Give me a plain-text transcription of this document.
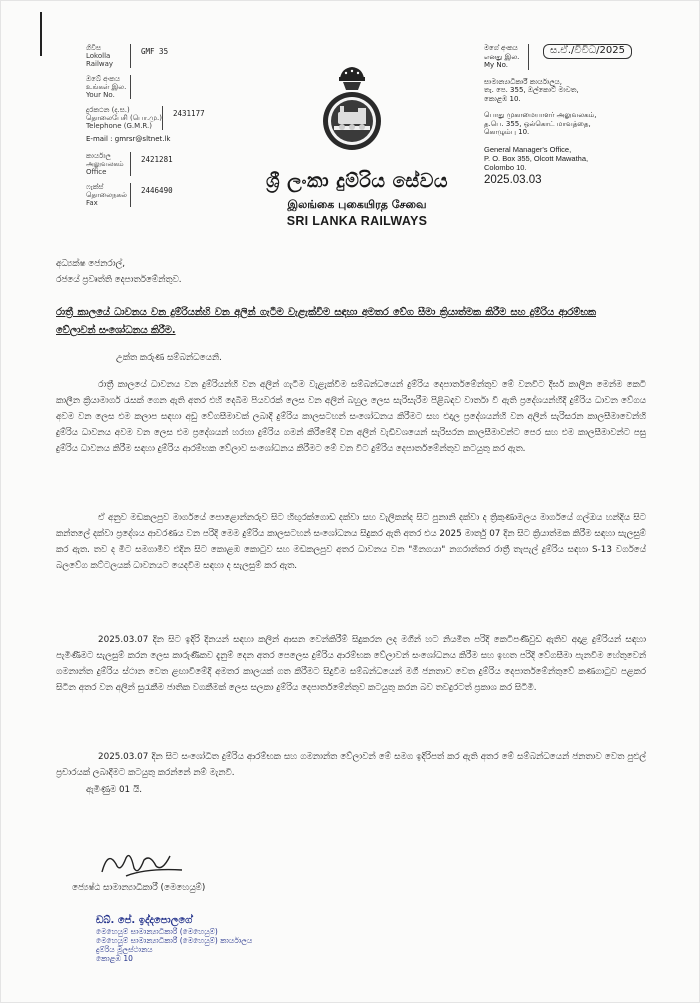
ගිවිස
Lokolla
Railway
GMF 35
ඔබේ අංකය
உங்கள் இல.
Your No.
දුරකථන (ද.ස.)
தொலைபேசி (பொ.மு.)
Telephone (G.M.R.)
2431177
E-mail : gmrsr@sltnet.lk
කාර්යාල
அலுவலகம்
Office
2421281
ෆැක්ස්
தொலைநகல்
Fax
2446490	ශ්‍රී ලංකා දුම්රිය සේවය
இலங்கை புகையிரத சேவை
SRI LANKA RAILWAYS
මගේ අංකය
எனது இல.
My No.
ස.ඒ./විවිධ/2025
සාමාන්‍යාධිකාරී කාර්යාලය,
තැ. පෙ. 355, ඔල්කොට් මාවත,
කොළඹ 10.
பொது முகாமையாளர் அலுவலகம்,
த.பெ. 355, ஒல்கொட் மாவத்தை,
கொழும்பு 10.
General Manager's Office,
P. O. Box 355, Olcott Mawatha,
Colombo 10.
2025.03.03
අධ්‍යක්ෂ ජෙනරාල්,
රජයේ ප්‍රවෘත්ති දෙපාර්තමේන්තුව.
රාත්‍රී කාලයේ ධාවනය වන දුම්රියන්හි වන අලින් ගැටීම වැළැක්වීම සඳහා අමතර වේග සීමා ක්‍රියාත්මක කිරීම සහ දුම්රිය ආරම්භක වේලාවන් සංශෝධනය කිරීම.
උක්ත කරුණ සම්බන්ධයෙනි.
රාත්‍රී කාලයේ ධාවනය වන දුම්රියන්හි වන අලින් ගැටීම වැළැක්වීම සම්බන්ධයෙන් දුම්රිය දෙපාර්තමේන්තුව මේ වනවිට දීර්ඝ කාලීන මෙන්ම කෙටි කාලීන ක්‍රියාමාර්ග රැසක් ගෙන ඇති අතර එහි දෙබිම පියවරක් ලෙස වන අලින් බහුල ලෙස සැරිසැරීම පිළිබඳව වාර්තා වී ඇති ප්‍රදේශයන්හිදී දුම්රිය ධාවන වේගය අවම වන ලෙස එම කලාප සඳහා අඩු වේගසීමාවක් ලබාදී දුම්රිය කාලසටහන් සංශෝධනය කිරීමට සහ එදාල ප්‍රදේශයන්හි වන අලින් සැරිසරන කාලසීමාවෙන්හි දුම්රිය ධාවනය අවම වන ලෙස එම ප්‍රදේශයන් හරහා දුම්රිය ගමන් කිරීමේදී වන අලින් වැඩිවශයෙන් සැරිසරන කාලසීමාවන්ට පෙර සහ එම කාලසීමාවන්ට පසු දුම්රිය ධාවනය කිරීම සඳහා දුම්රිය ආරම්භක වේලාව සංශෝධනය කිරීමට මේ වන විට දුම්රිය දෙපාර්තමේන්තුව කටයුතු කර ඇත.
ඒ අනුව මඩකලපුව මාර්ගයේ පොළොන්නරුව සිට හිඟුරක්ගොඩ දක්වා සහ වැලිකන්ද සිට පුනානි දක්වා ද ත්‍රිකුණාමලය මාර්ගයේ ගල්ඔය හන්දිය සිට කන්තලේ දක්වා ප්‍රදේශය ආවරණය වන පරිදි මෙම දුම්රිය කාලසටහන් සංශෝධනය සිදුකර ඇති අතර එය 2025 මාර්තු 07 දින සිට ක්‍රියාත්මක කිරීම සඳහා සැලසුම් කර ඇත. තව ද මීට සමගාමීව එදින සිට කොළඹ කොටුව සහ මඩකලපුව අතර ධාවනය වන "මීනගයා" නගරාන්තර රාත්‍රී තැපැල් දුම්රිය සඳහා S-13 වර්ගයේ බලවේග කට්ටලයක් ධාවනයට යෙදවීම සඳහා ද සැලසුම් කර ඇත.
2025.03.07 දින සිට ඉදිරි දිනයන් සඳහා කලින් ආසන වෙන්කිරීම් සිදුකරන ලද මගීන් හට නියමිත පරිදි කෙටිපණිවුඩ ඇතිව අදාළ දුම්රියන් සඳහා පැමිණීමට සැලසුම් කරන ලෙස කාරුණිකව දැනුම් දෙන අතර පෙලෙස දුම්රිය ආරම්භක වේලාවන් සංශෝධනය කිරීම සහ ඉහත පරිදි වේගසීමා පැනවීම හේතුවෙන් ගමනාන්ත දුම්රිය ස්ථාන වෙත ළඟාවීමේදී අමතර කාලයක් ගත කිරීමට සිදුවීම සම්බන්ධයෙන් මගී ජනතාව වෙත දුම්රිය දෙපාර්තමේන්තුවේ කණගාටුව පළකර සිටින අතර වන අලින් සුරැකීම ජාතික වගකීමක් ලෙස සලකා දුම්රිය දෙපාර්තමේන්තුව කටයුතු කරන බව තවදුරටත් ප්‍රකාශ කර සිටිමි.
2025.03.07 දින සිට සංශෝධිත දුම්රිය ආරම්භක සහ ගමනාන්ත වේලාවන් මේ සමග ඉදිරිපත් කර ඇති අතර මේ සම්බන්ධයෙන් ජනතාව වෙත පුළුල් ප්‍රචාරයක් ලබාදීමට කටයුතු කරන්නේ නම් මැනවි.
ඇමිණුම 01 යි.
ජ්‍යෙෂ්ඨ සාමාන්‍යාධිකාරී (මෙහෙයුම්)
ඩබ්. පේ. ඉද්දපොලගේ
මෙහෙයුම් සාමාන්‍යාධිකාරී (මෙහෙයුම්)
මෙහෙයුම් සාමාන්‍යාධිකාරී (මෙහෙයුම්) කාර්යාලය
දුම්රිය මූලස්ථානය
කොළඹ 10
